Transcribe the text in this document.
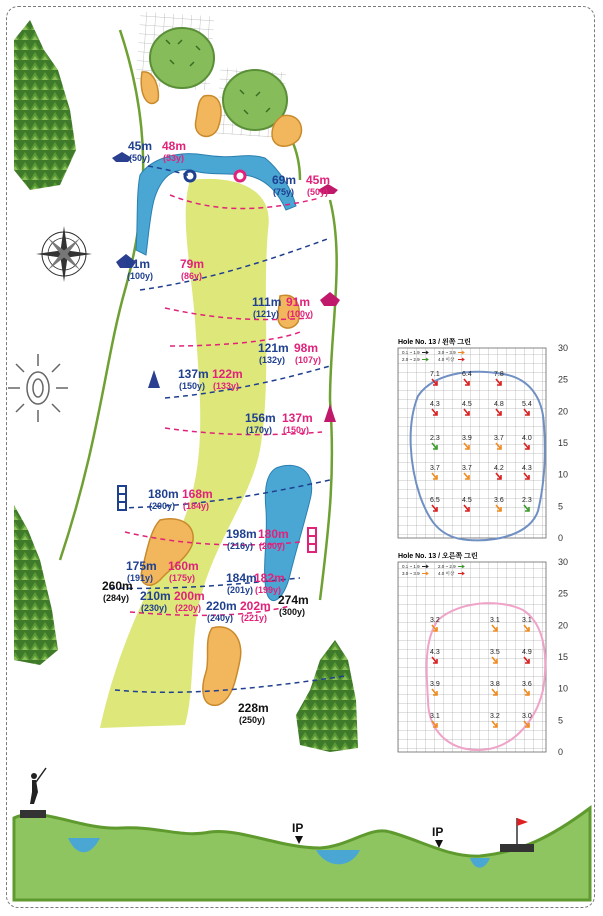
45m
(50y)
48m
(53y)
69m
(75y)
45m
(50y)
91m
(100y)
79m
(86y)
111m
(121y)
91m
(100y)
121m
(132y)
98m
(107y)
137m
(150y)
122m
(133y)
156m
(170y)
137m
(150y)
180m
(200y)
168m
(184y)
198m
(216y)
180m
(200y)
175m
(191y)
160m
(175y)
260m
(284y) 210m
(230y)
200m
(220y)
184m
(201y)
182m
(199y)
274m
(300y)
220m
(240y)
202m
(221y)
228m
(250y)
Hole No. 13 / 왼쪽 그린
30
25
20
15
10
5
0
7.1	6.4	7.8
4.3	4.5	4.8	5.4
2.3	3.9	3.7	4.0
3.7	3.7	4.2	4.3
6.5	4.5	3.6	2.3
Hole No. 13 / 오른쪽 그린
30
25
20
15
10
5
0
3.2	3.1	3.1
4.3	3.5	4.9
3.9	3.8	3.6
3.1	3.2	3.0
IP	IP
